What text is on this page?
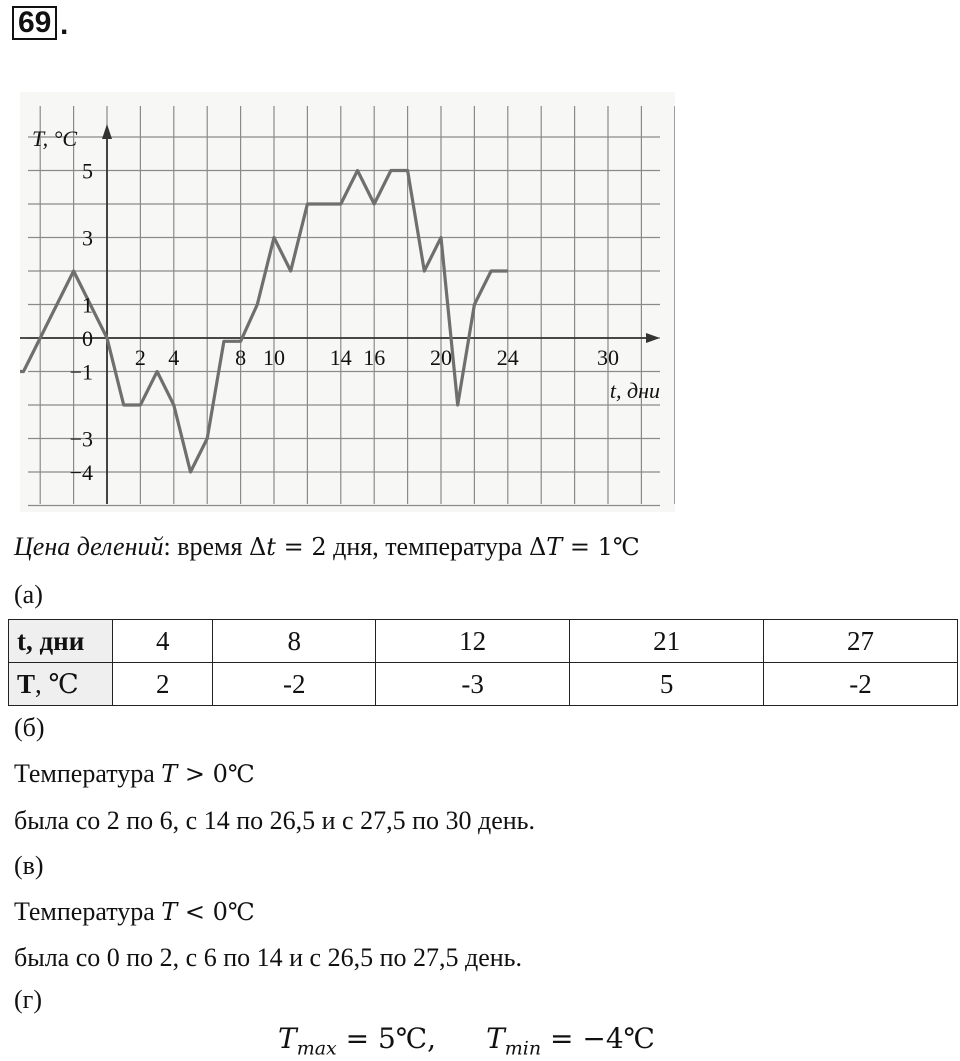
69 .
5
3
1
0
−1
−3
−4
2 4	8 10 14 16 20 24	30
T, °C
t, дни
Цена делений: время Δt = 2 дня, температура ΔT = 1℃
(а)
t, дни	4	8	12	21	27
T, ℃	2	-2	-3	5	-2
(б)
Температура T > 0℃
была со 2 по 6, с 14 по 26,5 и с 27,5 по 30 день.
(в)
Температура T < 0℃
была со 0 по 2, с 6 по 14 и с 26,5 по 27,5 день.
(г)
$T_{max}$ = 5℃, $T_{min}$ = −4℃
